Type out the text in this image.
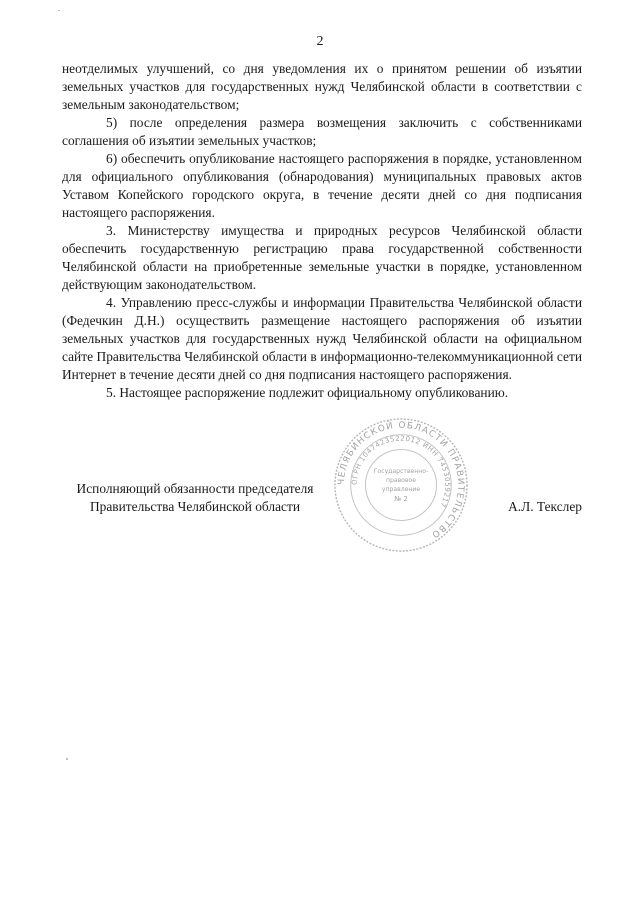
2

неотделимых улучшений, со дня уведомления их о принятом решении об изъятии земельных участков для государственных нужд Челябинской области в соответствии с земельным законодательством;

5) после определения размера возмещения заключить с собственниками соглашения об изъятии земельных участков;

6) обеспечить опубликование настоящего распоряжения в порядке, установленном для официального опубликования (обнародования) муниципальных правовых актов Уставом Копейского городского округа, в течение десяти дней со дня подписания настоящего распоряжения.

3. Министерству имущества и природных ресурсов Челябинской области обеспечить государственную регистрацию права государственной собственности Челябинской области на приобретенные земельные участки в порядке, установленном действующим законодательством.

4. Управлению пресс-службы и информации Правительства Челябинской области (Федечкин Д.Н.) осуществить размещение настоящего распоряжения об изъятии земельных участков для государственных нужд Челябинской области на официальном сайте Правительства Челябинской области в информационно-телекоммуникационной сети Интернет в течение десяти дней со дня подписания настоящего распоряжения.

5. Настоящее распоряжение подлежит официальному опубликованию.

Исполняющий обязанности председателя
Правительства Челябинской области
ЧЕЛЯБИНСКОЙ ОБЛАСТИ ПРАВИТЕЛЬСТВО
ОГРН 1047423522012 ИНН 7453059217
Государственно-
правовое
управление
№ 2
А.Л. Текслер
